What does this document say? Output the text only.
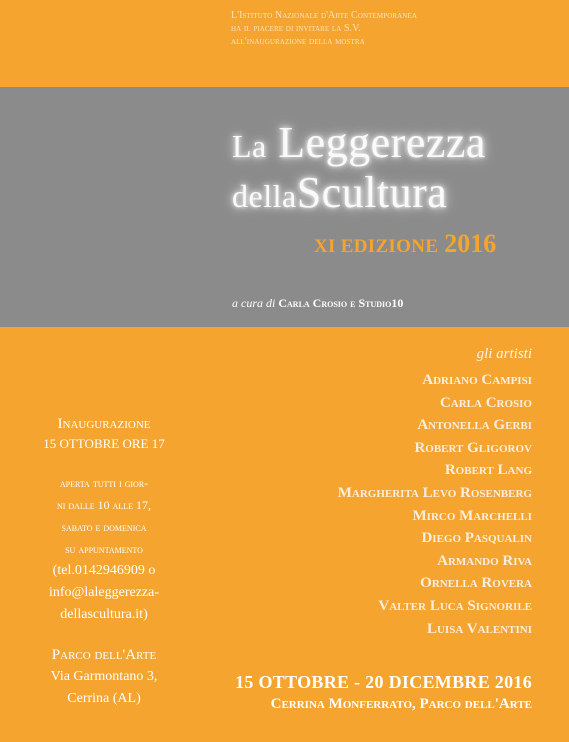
L'Istituto Nazionale d'Arte Contemporanea
ha il piacere di invitare la S.V.
all'inaugurazione della mostra
La Leggerezza
dellaScultura
XI EDIZIONE 2016
a cura di Carla Crosio e Studio10
gli artisti
Adriano Campisi
Carla Crosio
Antonella Gerbi
Robert Gligorov
Robert Lang
Margherita Levo Rosenberg
Mirco Marchelli
Diego Pasqualin
Armando Riva
Ornella Rovera
Valter Luca Signorile
Luisa Valentini
Inaugurazione
15 OTTOBRE ORE 17
aperta tutti i gior-
ni dalle 10 alle 17,
sabato e domenica
su appuntamento
(tel.0142946909 o
info@laleggerezza-
dellascultura.it)
Parco dell'Arte
Via Garmontano 3,
Cerrina (AL)
15 OTTOBRE - 20 DICEMBRE 2016
Cerrina Monferrato, Parco dell'Arte
